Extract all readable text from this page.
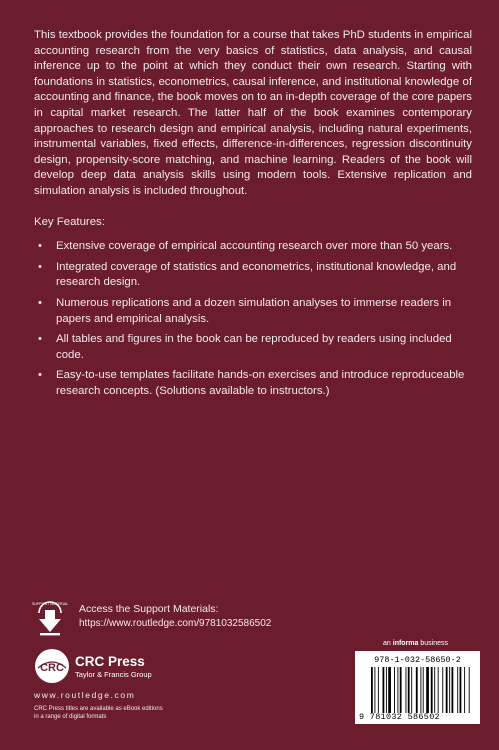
This textbook provides the foundation for a course that takes PhD students in empirical accounting research from the very basics of statistics, data analysis, and causal inference up to the point at which they conduct their own research. Starting with foundations in statistics, econometrics, causal inference, and institutional knowledge of accounting and finance, the book moves on to an in-depth coverage of the core papers in capital market research. The latter half of the book examines contemporary approaches to research design and empirical analysis, including natural experiments, instrumental variables, fixed effects, difference-in-differences, regression discontinuity design, propensity-score matching, and machine learning. Readers of the book will develop deep data analysis skills using modern tools. Extensive replication and simulation analysis is included throughout.

Key Features:

• Extensive coverage of empirical accounting research over more than 50 years.
• Integrated coverage of statistics and econometrics, institutional knowledge, and research design.
• Numerous replications and a dozen simulation analyses to immerse readers in papers and empirical analysis.
• All tables and figures in the book can be reproduced by readers using included code.
• Easy-to-use templates facilitate hands-on exercises and introduce reproduceable research concepts. (Solutions available to instructors.)
SUPPORT MATERIAL Access the Support Materials:
https://www.routledge.com/9781032586502
CRC CRC Press
Taylor & Francis Group
www.routledge.com
CRC Press titles are available as eBook editions in a range of digital formats
an informa business
978-1-032-58650-2
9 781032 586502
